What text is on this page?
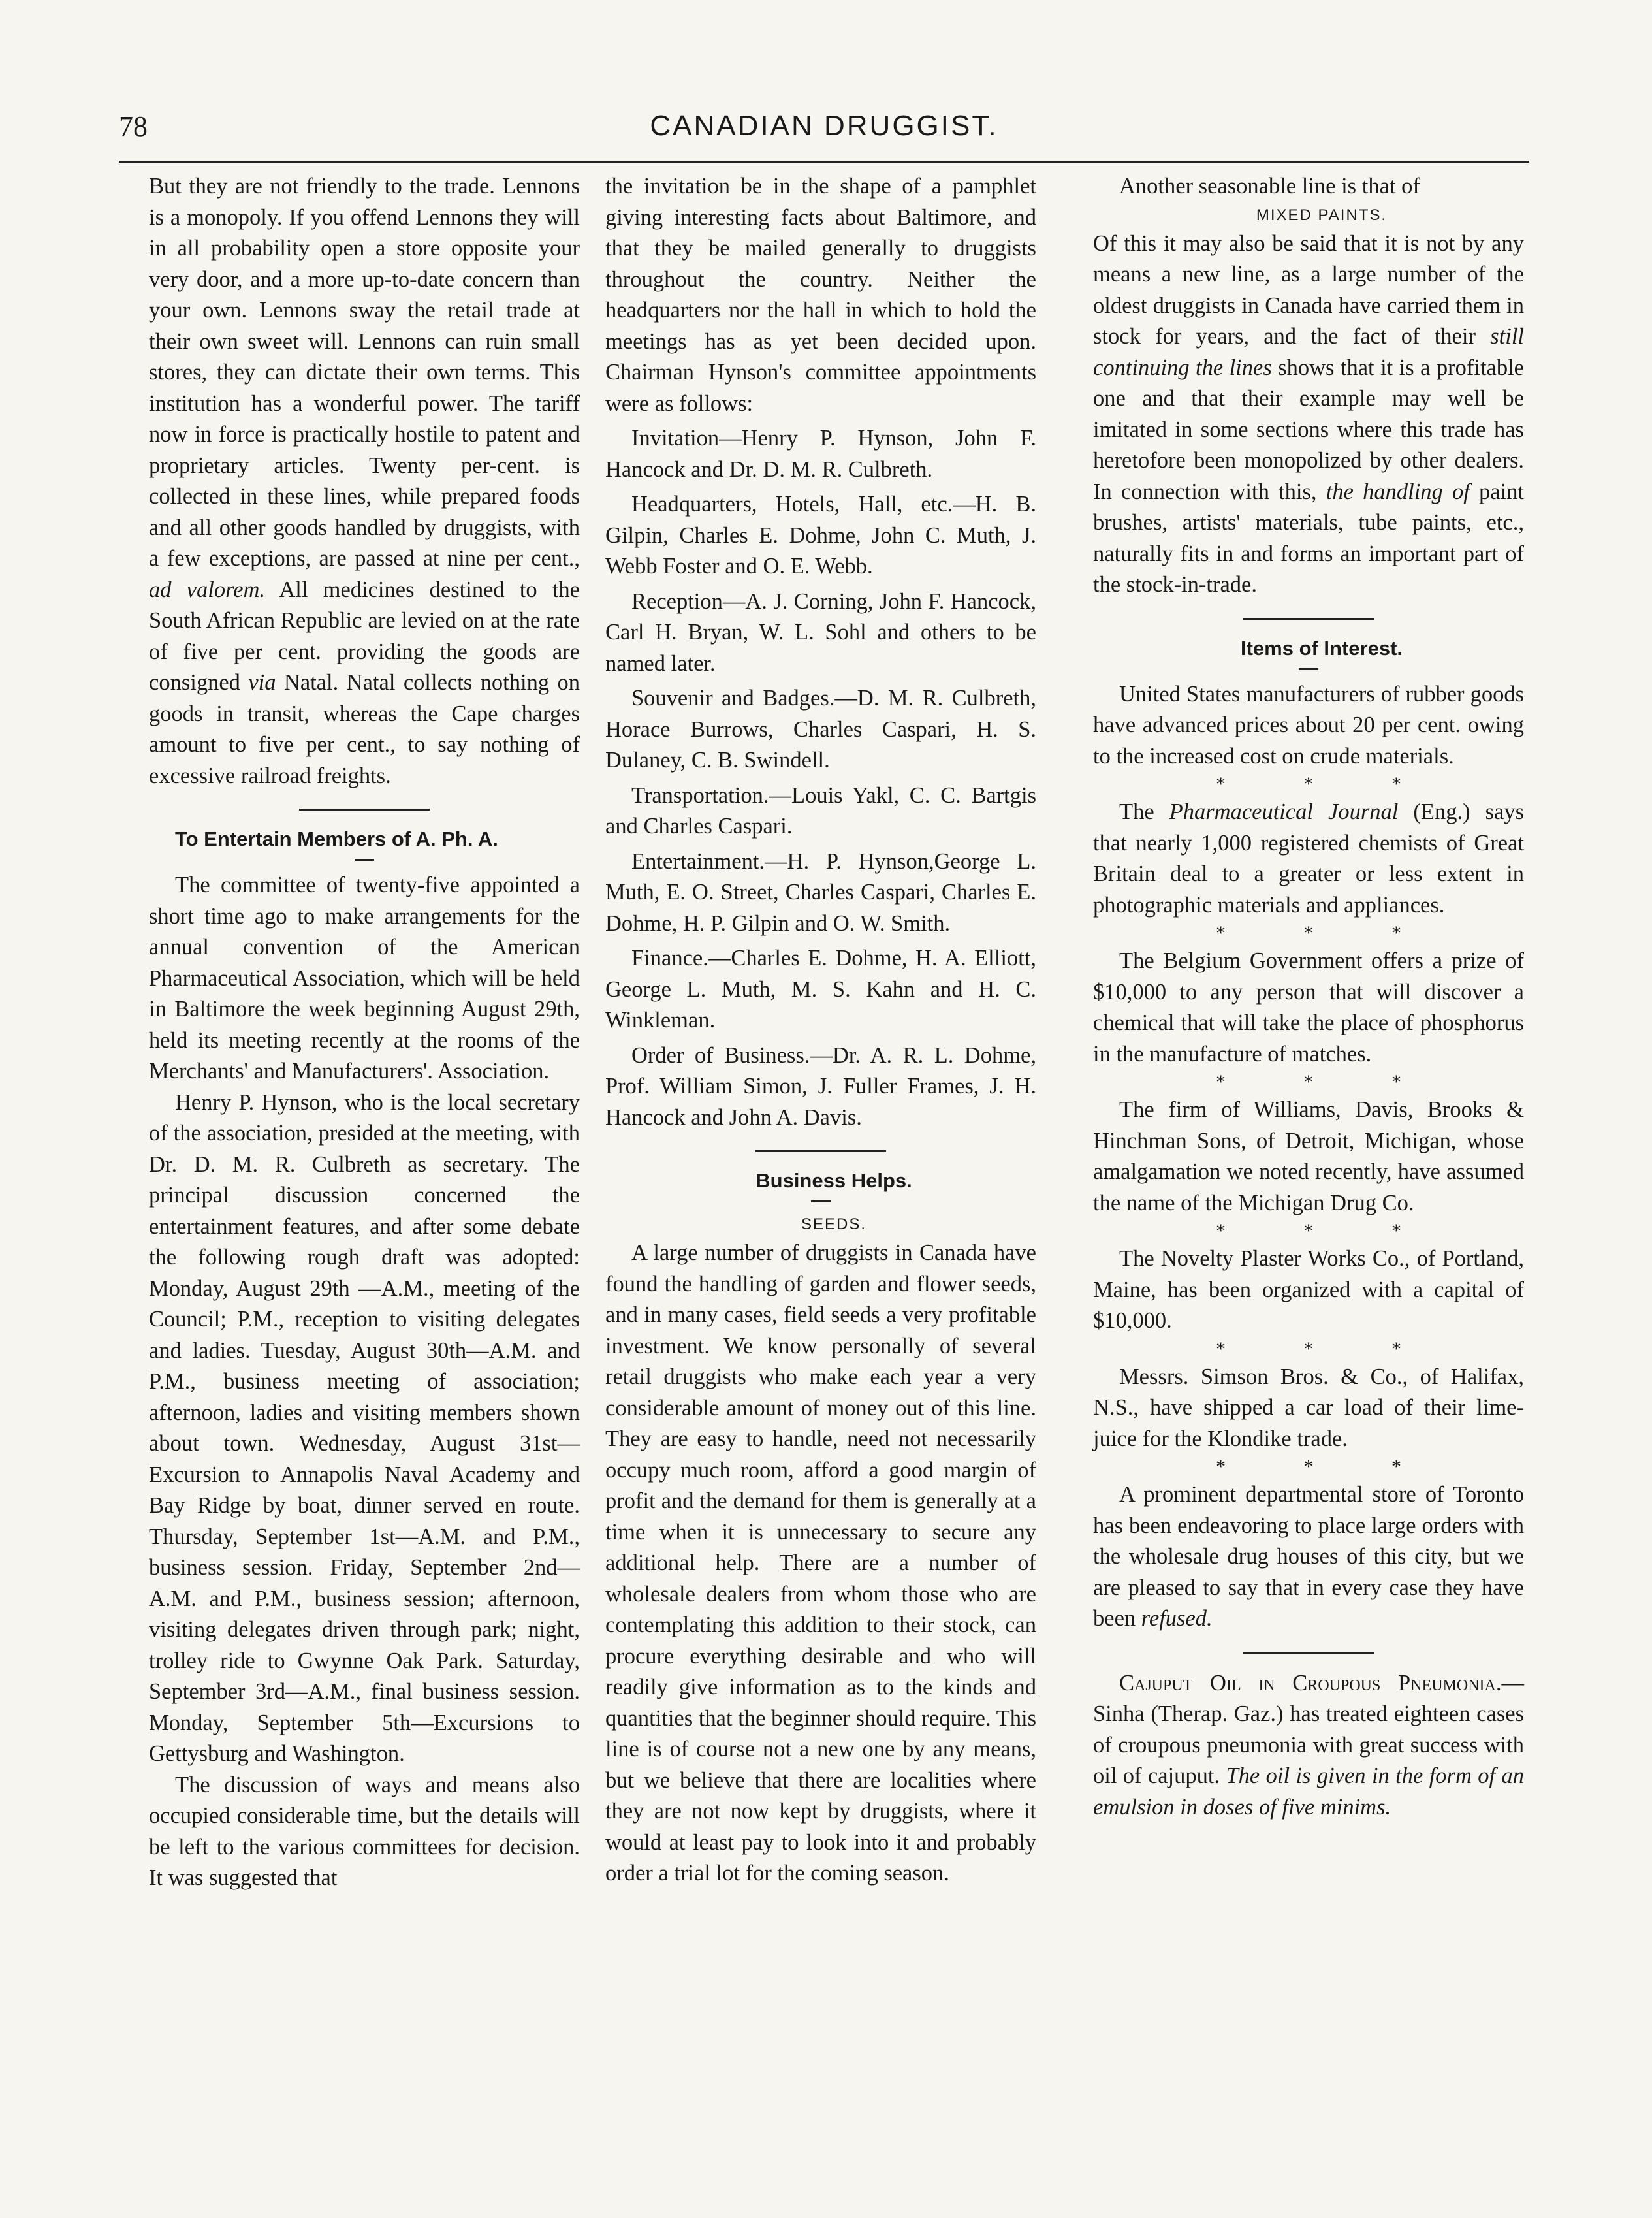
78	CANADIAN DRUGGIST.

But they are not friendly to the trade. Lennons is a monopoly. If you offend Lennons they will in all probability open a store opposite your very door, and a more up-to-date concern than your own. Lennons sway the retail trade at their own sweet will. Lennons can ruin small stores, they can dictate their own terms. This institution has a wonderful power. The tariff now in force is practically hostile to patent and proprietary articles. Twenty per-cent. is collected in these lines, while prepared foods and all other goods handled by druggists, with a few exceptions, are passed at nine per cent., ad valorem. All medicines destined to the South African Republic are levied on at the rate of five per cent. providing the goods are consigned via Natal. Natal collects nothing on goods in transit, whereas the Cape charges amount to five per cent., to say nothing of excessive railroad freights.

To Entertain Members of A. Ph. A.

The committee of twenty-five appointed a short time ago to make arrangements for the annual convention of the American Pharmaceutical Association, which will be held in Baltimore the week beginning August 29th, held its meeting recently at the rooms of the Merchants' and Manufacturers'. Association.

Henry P. Hynson, who is the local secretary of the association, presided at the meeting, with Dr. D. M. R. Culbreth as secretary. The principal discussion concerned the entertainment features, and after some debate the following rough draft was adopted: Monday, August 29th —A.M., meeting of the Council; P.M., reception to visiting delegates and ladies. Tuesday, August 30th—A.M. and P.M., business meeting of association; afternoon, ladies and visiting members shown about town. Wednesday, August 31st—Excursion to Annapolis Naval Academy and Bay Ridge by boat, dinner served en route. Thursday, September 1st—A.M. and P.M., business session. Friday, September 2nd—A.M. and P.M., business session; afternoon, visiting delegates driven through park; night, trolley ride to Gwynne Oak Park. Saturday, September 3rd—A.M., final business session. Monday, September 5th—Excursions to Gettysburg and Washington.

The discussion of ways and means also occupied considerable time, but the details will be left to the various committees for decision. It was suggested that

the invitation be in the shape of a pamphlet giving interesting facts about Baltimore, and that they be mailed generally to druggists throughout the country. Neither the headquarters nor the hall in which to hold the meetings has as yet been decided upon. Chairman Hynson's committee appointments were as follows:

Invitation—Henry P. Hynson, John F. Hancock and Dr. D. M. R. Culbreth.

Headquarters, Hotels, Hall, etc.—H. B. Gilpin, Charles E. Dohme, John C. Muth, J. Webb Foster and O. E. Webb.

Reception—A. J. Corning, John F. Hancock, Carl H. Bryan, W. L. Sohl and others to be named later.

Souvenir and Badges.—D. M. R. Culbreth, Horace Burrows, Charles Caspari, H. S. Dulaney, C. B. Swindell.

Transportation.—Louis Yakl, C. C. Bartgis and Charles Caspari.

Entertainment.—H. P. Hynson,George L. Muth, E. O. Street, Charles Caspari, Charles E. Dohme, H. P. Gilpin and O. W. Smith.

Finance.—Charles E. Dohme, H. A. Elliott, George L. Muth, M. S. Kahn and H. C. Winkleman.

Order of Business.—Dr. A. R. L. Dohme, Prof. William Simon, J. Fuller Frames, J. H. Hancock and John A. Davis.

Business Helps.

SEEDS.

A large number of druggists in Canada have found the handling of garden and flower seeds, and in many cases, field seeds a very profitable investment. We know personally of several retail druggists who make each year a very considerable amount of money out of this line. They are easy to handle, need not necessarily occupy much room, afford a good margin of profit and the demand for them is generally at a time when it is unnecessary to secure any additional help. There are a number of wholesale dealers from whom those who are contemplating this addition to their stock, can procure everything desirable and who will readily give information as to the kinds and quantities that the beginner should require. This line is of course not a new one by any means, but we believe that there are localities where they are not now kept by druggists, where it would at least pay to look into it and probably order a trial lot for the coming season.

Another seasonable line is that of

MIXED PAINTS.

Of this it may also be said that it is not by any means a new line, as a large number of the oldest druggists in Canada have carried them in stock for years, and the fact of their still continuing the lines shows that it is a profitable one and that their example may well be imitated in some sections where this trade has heretofore been monopolized by other dealers. In connection with this, the handling of paint brushes, artists' materials, tube paints, etc., naturally fits in and forms an important part of the stock-in-trade.

Items of Interest.

United States manufacturers of rubber goods have advanced prices about 20 per cent. owing to the increased cost on crude materials.

* * *

The Pharmaceutical Journal (Eng.) says that nearly 1,000 registered chemists of Great Britain deal to a greater or less extent in photographic materials and appliances.

* * *

The Belgium Government offers a prize of $10,000 to any person that will discover a chemical that will take the place of phosphorus in the manufacture of matches.

* * *

The firm of Williams, Davis, Brooks & Hinchman Sons, of Detroit, Michigan, whose amalgamation we noted recently, have assumed the name of the Michigan Drug Co.

* * *

The Novelty Plaster Works Co., of Portland, Maine, has been organized with a capital of $10,000.

* * *

Messrs. Simson Bros. & Co., of Halifax, N.S., have shipped a car load of their lime-juice for the Klondike trade.

* * *

A prominent departmental store of Toronto has been endeavoring to place large orders with the wholesale drug houses of this city, but we are pleased to say that in every case they have been refused.

Cajuput Oil in Croupous Pneumonia.—Sinha (Therap. Gaz.) has treated eighteen cases of croupous pneumonia with great success with oil of cajuput. The oil is given in the form of an emulsion in doses of five minims.
